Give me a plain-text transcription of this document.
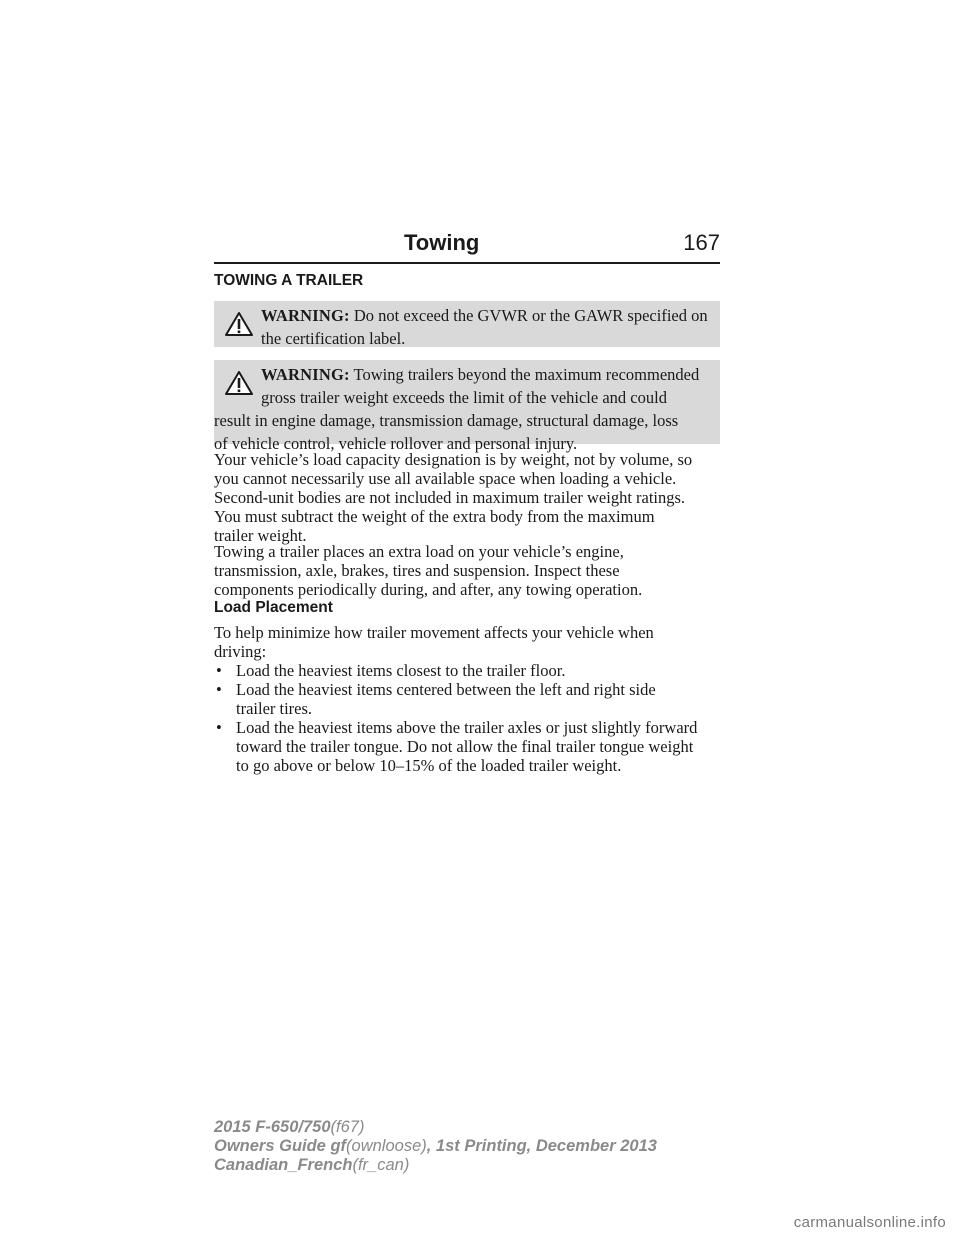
Towing	167
TOWING A TRAILER
WARNING: Do not exceed the GVWR or the GAWR specified on
the certification label.
WARNING: Towing trailers beyond the maximum recommended
gross trailer weight exceeds the limit of the vehicle and could
result in engine damage, transmission damage, structural damage, loss
of vehicle control, vehicle rollover and personal injury.
Your vehicle’s load capacity designation is by weight, not by volume, so
you cannot necessarily use all available space when loading a vehicle.
Second-unit bodies are not included in maximum trailer weight ratings.
You must subtract the weight of the extra body from the maximum
trailer weight.
Towing a trailer places an extra load on your vehicle’s engine,
transmission, axle, brakes, tires and suspension. Inspect these
components periodically during, and after, any towing operation.
Load Placement
To help minimize how trailer movement affects your vehicle when
driving:
• Load the heaviest items closest to the trailer floor.
• Load the heaviest items centered between the left and right side
trailer tires.
• Load the heaviest items above the trailer axles or just slightly forward
toward the trailer tongue. Do not allow the final trailer tongue weight
to go above or below 10–15% of the loaded trailer weight.
2015 F-650/750(f67)
Owners Guide gf(ownloose), 1st Printing, December 2013
Canadian_French(fr_can)
carmanualsonline.info
